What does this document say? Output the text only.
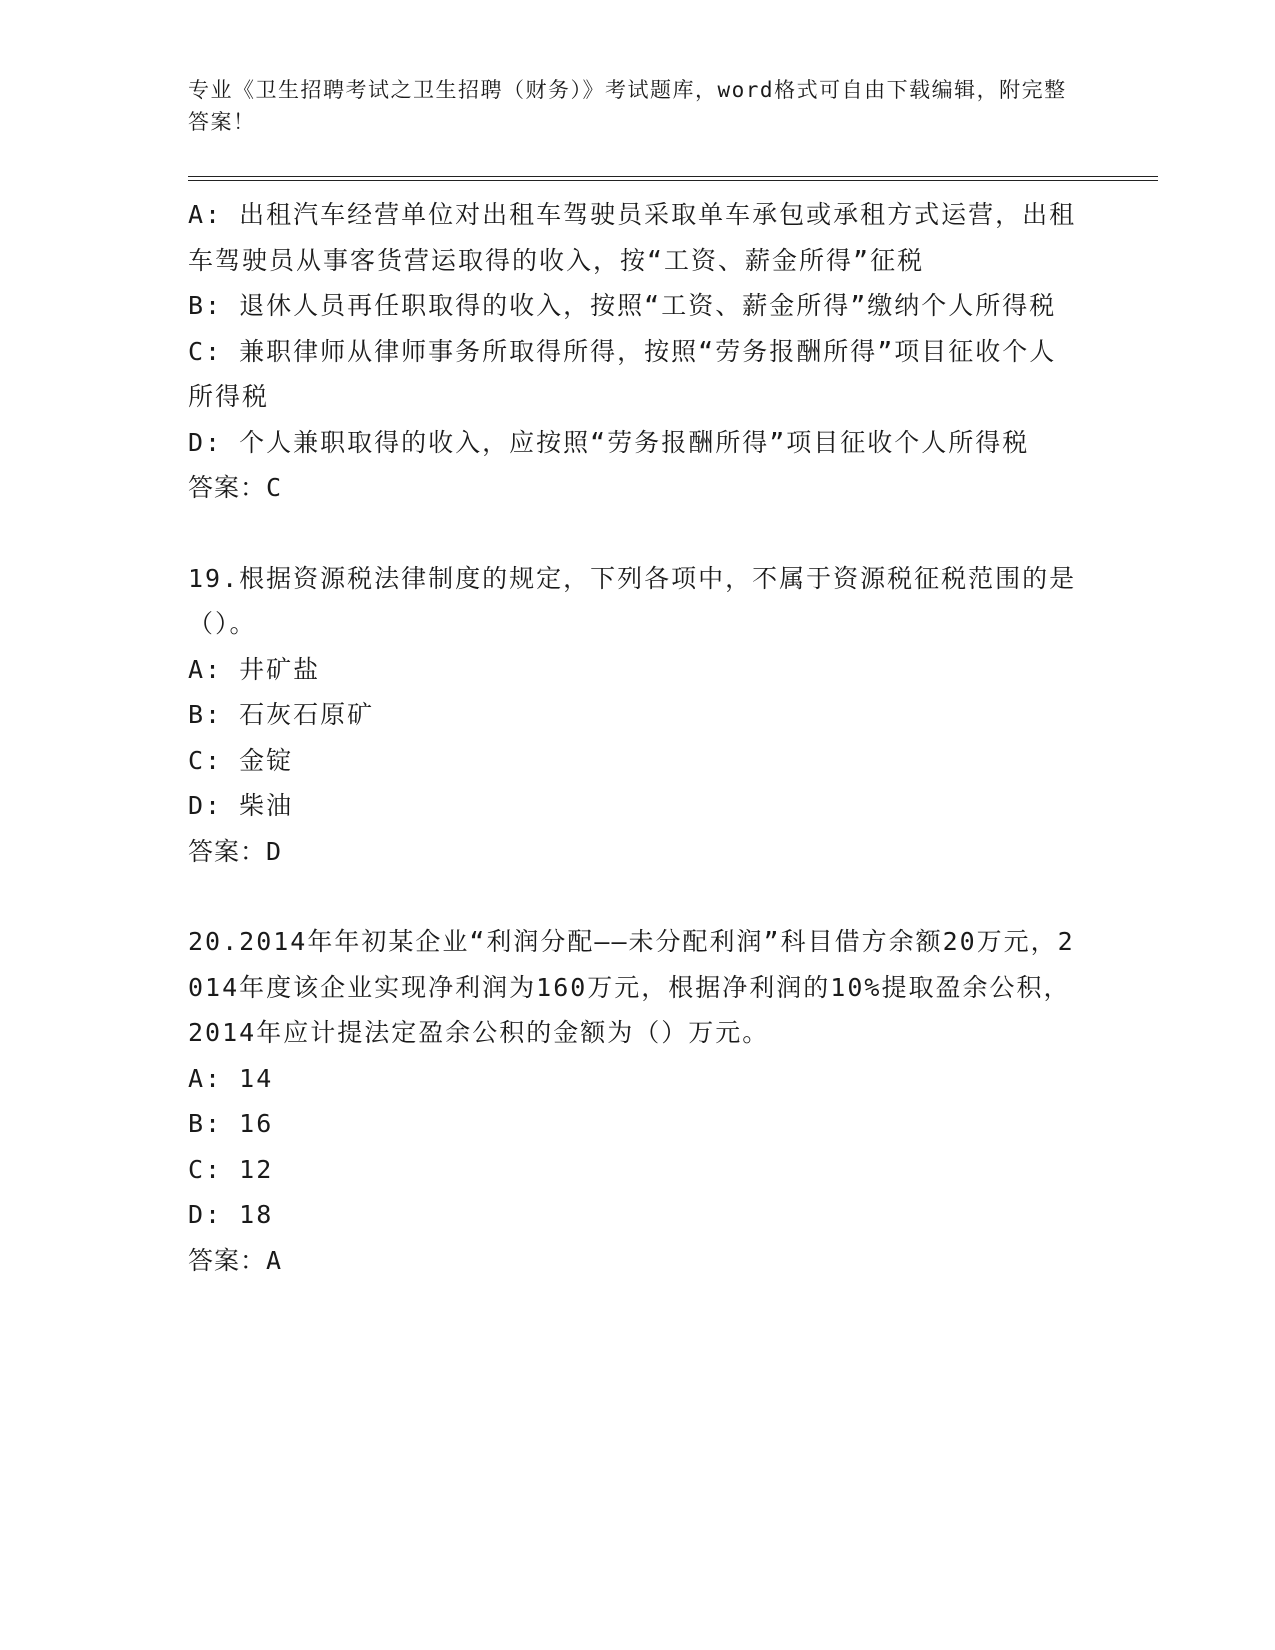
专业《卫生招聘考试之卫生招聘（财务）》考试题库，word格式可自由下载编辑，附完整答案！
A: 出租汽车经营单位对出租车驾驶员采取单车承包或承租方式运营，出租车驾驶员从事客货营运取得的收入，按“工资、薪金所得”征税
B: 退休人员再任职取得的收入，按照“工资、薪金所得”缴纳个人所得税
C: 兼职律师从律师事务所取得所得，按照“劳务报酬所得”项目征收个人所得税
D: 个人兼职取得的收入，应按照“劳务报酬所得”项目征收个人所得税
答案：C
19.根据资源税法律制度的规定，下列各项中，不属于资源税征税范围的是（）。
A: 井矿盐
B: 石灰石原矿
C: 金锭
D: 柴油
答案：D
20.2014年年初某企业“利润分配——未分配利润”科目借方余额20万元，2014年度该企业实现净利润为160万元，根据净利润的10%提取盈余公积，2014年应计提法定盈余公积的金额为（）万元。
A: 14
B: 16
C: 12
D: 18
答案：A
